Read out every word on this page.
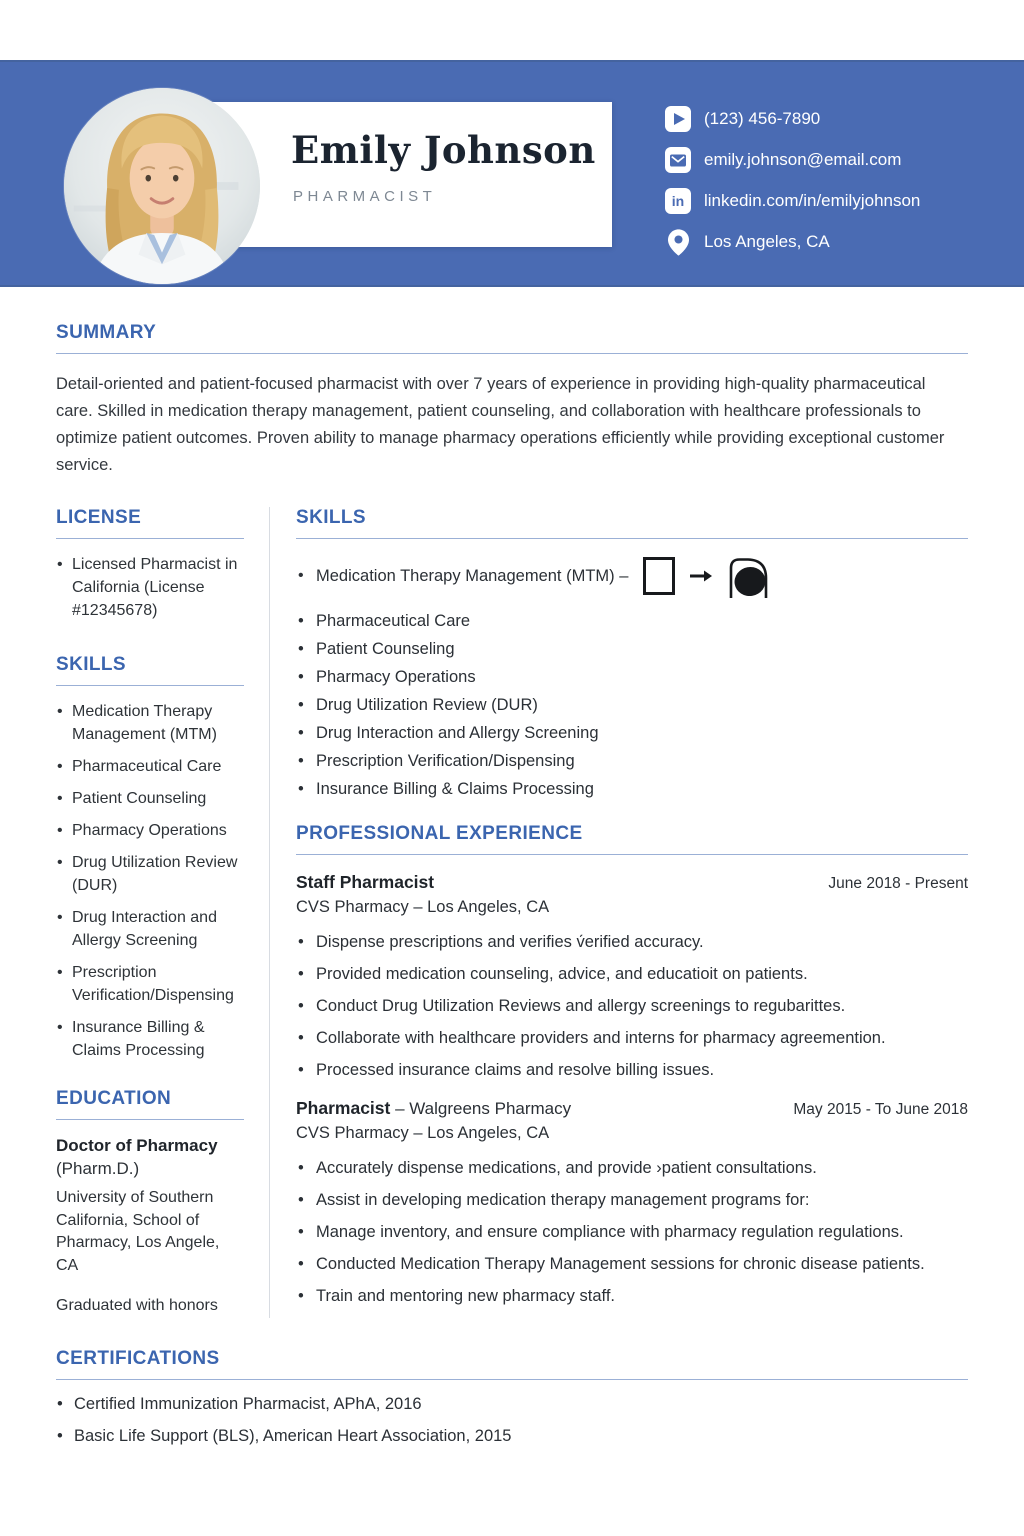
Emily Johnson
PHARMACIST
(123) 456-7890
emily.johnson@email.com
in linkedin.com/in/emilyjohnson
Los Angeles, CA
SUMMARY

Detail-oriented and patient-focused pharmacist with over 7 years of experience in providing high-quality pharmaceutical care. Skilled in medication therapy management, patient counseling, and collaboration with healthcare professionals to optimize patient outcomes. Proven ability to manage pharmacy operations efficiently while providing exceptional customer service.

LICENSE
• Licensed Pharmacist in California (License #12345678)
SKILLS
• Medication Therapy Management (MTM)
• Pharmaceutical Care
• Patient Counseling
• Pharmacy Operations
• Drug Utilization Review (DUR)
• Drug Interaction and Allergy Screening
• Prescription Verification/Dispensing
• Insurance Billing & Claims Processing
EDUCATION
Doctor of Pharmacy
(Pharm.D.)
University of Southern California, School of Pharmacy, Los Angele, CA
Graduated with honors
SKILLS
• Medication Therapy Management (MTM) –
• Pharmaceutical Care
• Patient Counseling
• Pharmacy Operations
• Drug Utilization Review (DUR)
• Drug Interaction and Allergy Screening
• Prescription Verification/Dispensing
• Insurance Billing & Claims Processing
PROFESSIONAL EXPERIENCE
Staff Pharmacist	June 2018 - Present
CVS Pharmacy – Los Angeles, CA
• Dispense prescriptions and verifies v́erified accuracy.
• Provided medication counseling, advice, and educatioit on patients.
• Conduct Drug Utilization Reviews and allergy screenings to regubarittes.
• Collaborate with healthcare providers and interns for pharmacy agreemention.
• Processed insurance claims and resolve billing issues.
Pharmacist – Walgreens Pharmacy	May 2015 - To June 2018
CVS Pharmacy – Los Angeles, CA
• Accurately dispense medications, and provide ›patient consultations.
• Assist in developing medication therapy management programs for:
• Manage inventory, and ensure compliance with pharmacy regulation regulations.
• Conducted Medication Therapy Management sessions for chronic disease patients.
• Train and mentoring new pharmacy staff.
CERTIFICATIONS
• Certified Immunization Pharmacist, APhA, 2016
• Basic Life Support (BLS), American Heart Association, 2015
